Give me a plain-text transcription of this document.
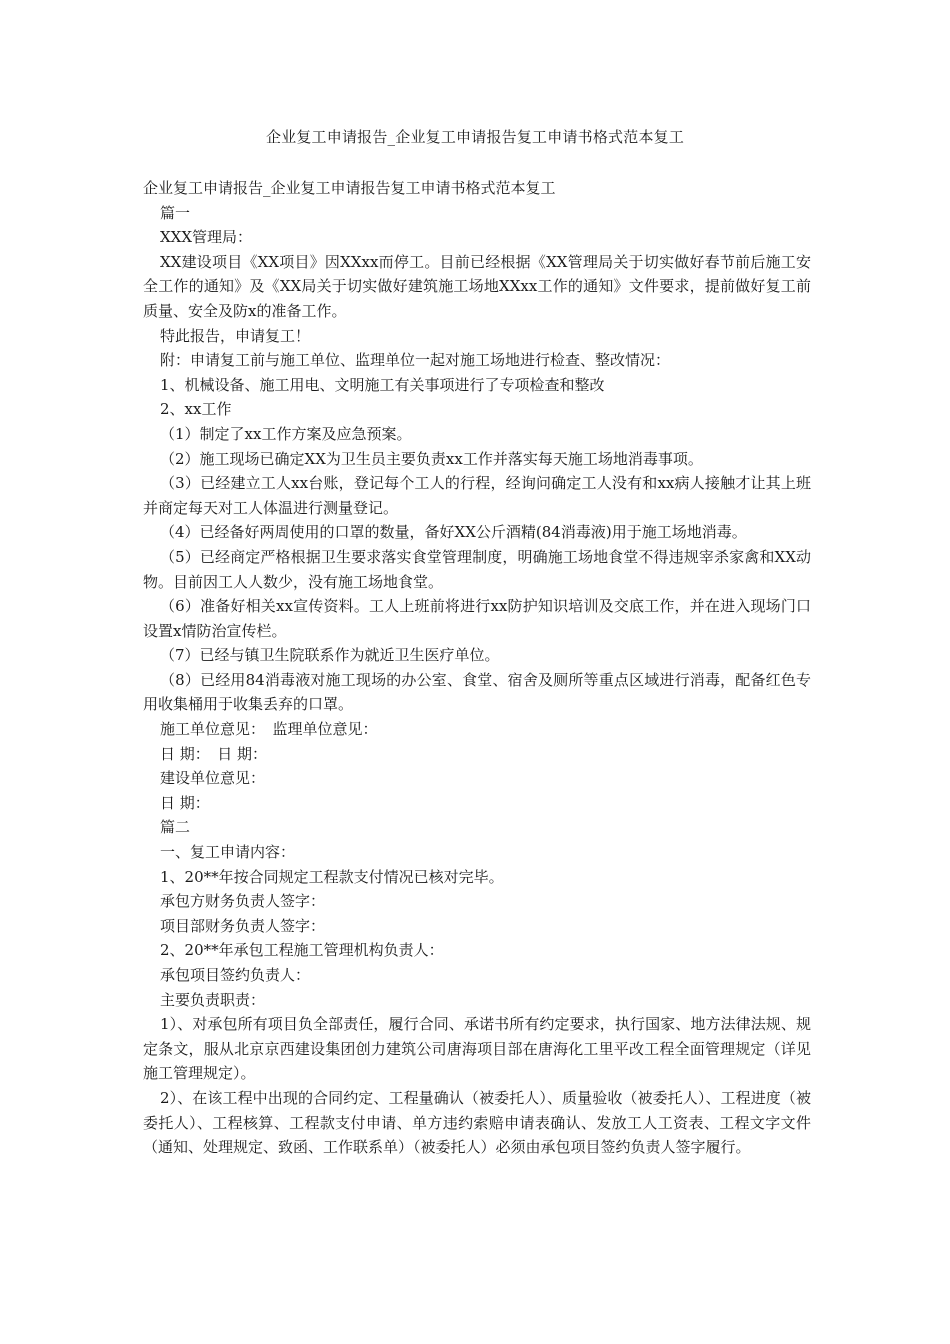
企业复工申请报告_企业复工申请报告复工申请书格式范本复工

企业复工申请报告_企业复工申请报告复工申请书格式范本复工

篇一

XXX管理局：

XX建设项目《XX项目》因XXxx而停工。目前已经根据《XX管理局关于切实做好春节前后施工安全工作的通知》及《XX局关于切实做好建筑施工场地XXxx工作的通知》文件要求，提前做好复工前质量、安全及防x的准备工作。

特此报告，申请复工！

附：申请复工前与施工单位、监理单位一起对施工场地进行检查、整改情况：

1、机械设备、施工用电、文明施工有关事项进行了专项检查和整改

2、xx工作

（1）制定了xx工作方案及应急预案。

（2）施工现场已确定XX为卫生员主要负责xx工作并落实每天施工场地消毒事项。

（3）已经建立工人xx台账，登记每个工人的行程，经询问确定工人没有和xx病人接触才让其上班并商定每天对工人体温进行测量登记。

（4）已经备好两周使用的口罩的数量，备好XX公斤酒精(84消毒液)用于施工场地消毒。

（5）已经商定严格根据卫生要求落实食堂管理制度，明确施工场地食堂不得违规宰杀家禽和XX动物。目前因工人人数少，没有施工场地食堂。

（6）准备好相关xx宣传资料。工人上班前将进行xx防护知识培训及交底工作，并在进入现场门口设置x情防治宣传栏。

（7）已经与镇卫生院联系作为就近卫生医疗单位。

（8）已经用84消毒液对施工现场的办公室、食堂、宿舍及厕所等重点区域进行消毒，配备红色专用收集桶用于收集丢弃的口罩。

施工单位意见：　监理单位意见：

日 期：　日 期：

建设单位意见：

日 期：

篇二

一、复工申请内容：

1、20**年按合同规定工程款支付情况已核对完毕。

承包方财务负责人签字：

项目部财务负责人签字：

2、20**年承包工程施工管理机构负责人：

承包项目签约负责人：

主要负责职责：

1）、对承包所有项目负全部责任，履行合同、承诺书所有约定要求，执行国家、地方法律法规、规定条文，服从北京京西建设集团创力建筑公司唐海项目部在唐海化工里平改工程全面管理规定（详见施工管理规定）。

2）、在该工程中出现的合同约定、工程量确认（被委托人）、质量验收（被委托人）、工程进度（被委托人）、工程核算、工程款支付申请、单方违约索赔申请表确认、发放工人工资表、工程文字文件（通知、处理规定、致函、工作联系单）（被委托人）必须由承包项目签约负责人签字履行。
